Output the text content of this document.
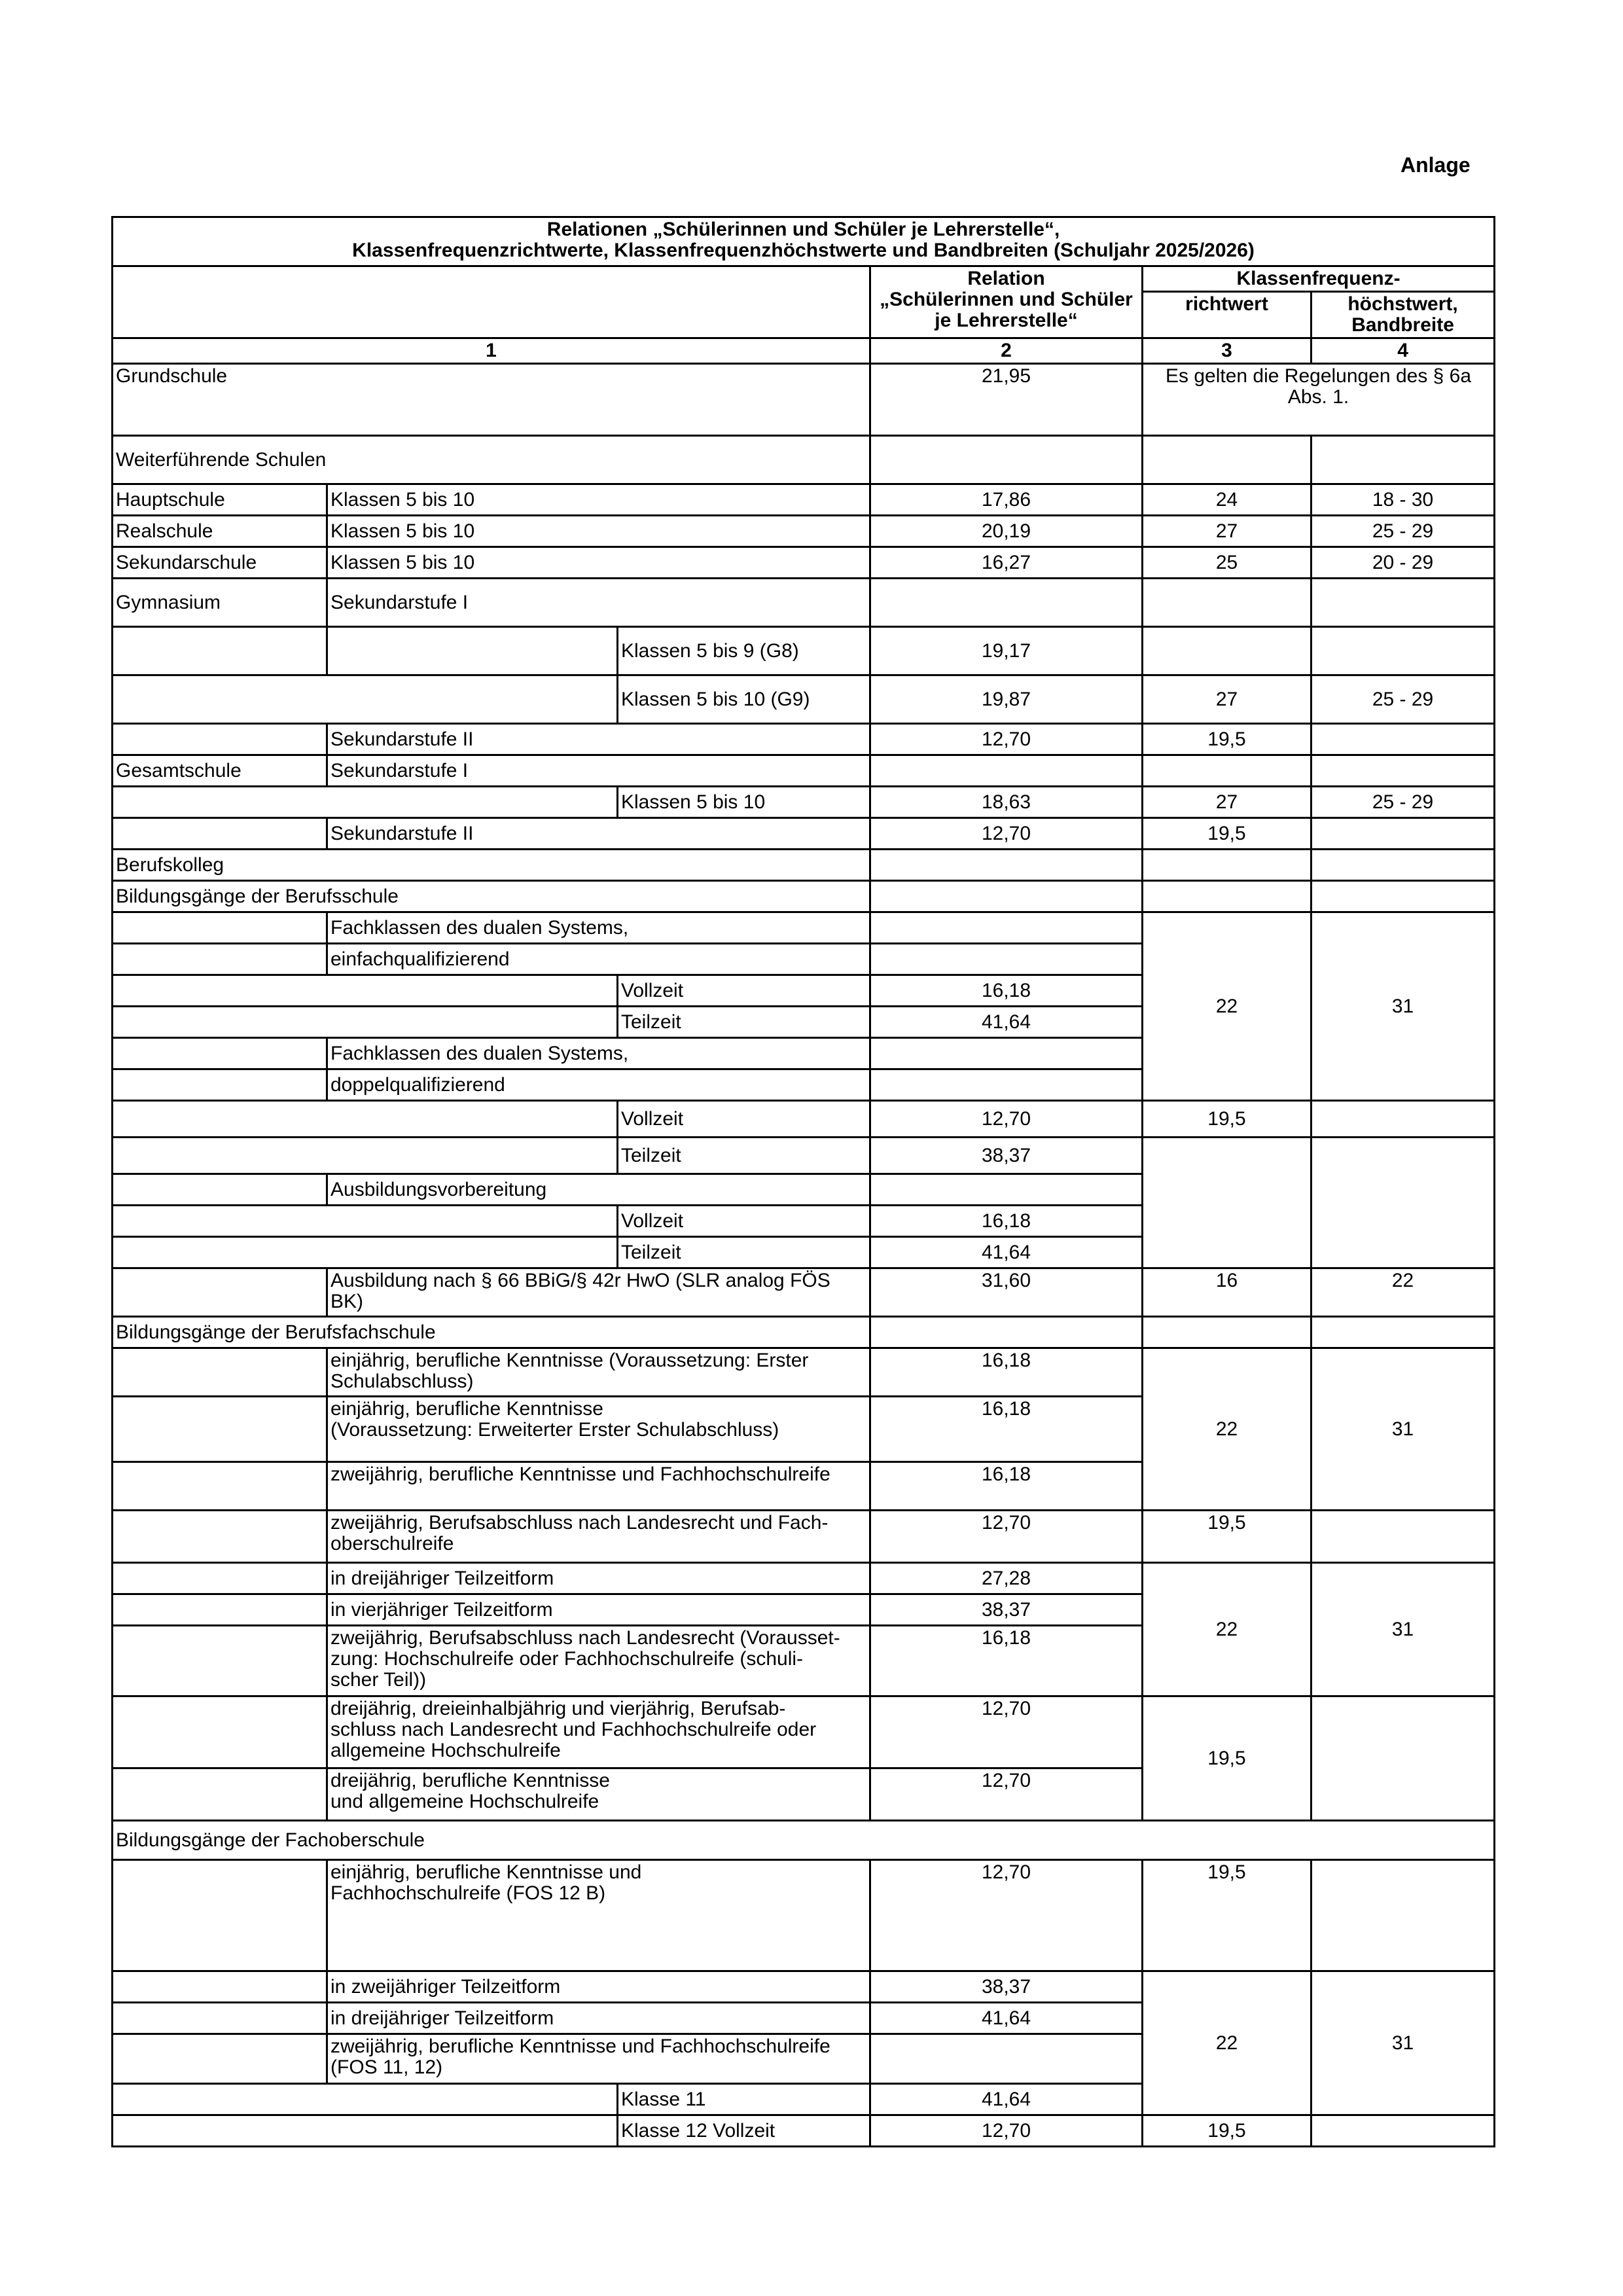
Anlage
Relationen „Schülerinnen und Schüler je Lehrerstelle“,
Klassenfrequenzrichtwerte, Klassenfrequenzhöchstwerte und Bandbreiten (Schuljahr 2025/2026)					

			Relation
„Schülerinnen und Schüler
je Lehrerstelle“	Klassenfrequenz-	
				richtwert	höchstwert,
Bandbreite

1			2	3	4
Grundschule			21,95	Es gelten die Regelungen des § 6a
Abs. 1.	

Weiterführende Schulen					
Hauptschule	Klassen 5 bis 10		17,86	24	18 - 30
Realschule	Klassen 5 bis 10		20,19	27	25 - 29
Sekundarschule	Klassen 5 bis 10		16,27	25	20 - 29
Gymnasium	Sekundarstufe I				
		Klassen 5 bis 9 (G8)	19,17		
		Klassen 5 bis 10 (G9)	19,87	27	25 - 29
	Sekundarstufe II		12,70	19,5	
Gesamtschule	Sekundarstufe I				
		Klassen 5 bis 10	18,63	27	25 - 29
	Sekundarstufe II		12,70	19,5	
Berufskolleg					
Bildungsgänge der Berufsschule					
	Fachklassen des dualen Systems,			22	31
	einfachqualifizierend				
		Vollzeit	16,18		
		Teilzeit	41,64		
	Fachklassen des dualen Systems,				
	doppelqualifizierend				
		Vollzeit	12,70	19,5	
		Teilzeit	38,37		
	Ausbildungsvorbereitung				
		Vollzeit	16,18		
		Teilzeit	41,64		

	Ausbildung nach § 66 BBiG/§ 42r HwO (SLR analog FÖS
BK)		31,60	16	22
Bildungsgänge der Berufsfachschule					

	einjährig, berufliche Kenntnisse (Voraussetzung: Erster
Schulabschluss)		16,18	22	31

	einjährig, berufliche Kenntnisse
(Voraussetzung: Erweiterter Erster Schulabschluss)		16,18		
	zweijährig, berufliche Kenntnisse und Fachhochschulreife		16,18		

	zweijährig, Berufsabschluss nach Landesrecht und Fach-
oberschulreife		12,70	19,5	
	in dreijähriger Teilzeitform		27,28	22	31
	in vierjähriger Teilzeitform		38,37		

	zweijährig, Berufsabschluss nach Landesrecht (Vorausset-
zung: Hochschulreife oder Fachhochschulreife (schuli-
scher Teil))		16,18		

	dreijährig, dreieinhalbjährig und vierjährig, Berufsab-
schluss nach Landesrecht und Fachhochschulreife oder
allgemeine Hochschulreife		12,70	19,5	

	dreijährig, berufliche Kenntnisse
und allgemeine Hochschulreife		12,70		
Bildungsgänge der Fachoberschule					

	einjährig, berufliche Kenntnisse und
Fachhochschulreife (FOS 12 B)		12,70	19,5	
	in zweijähriger Teilzeitform		38,37	22	31
	in dreijähriger Teilzeitform		41,64		

	zweijährig, berufliche Kenntnisse und Fachhochschulreife
(FOS 11, 12)				

		Klasse 11	41,64		
		Klasse 12 Vollzeit	12,70	19,5	
